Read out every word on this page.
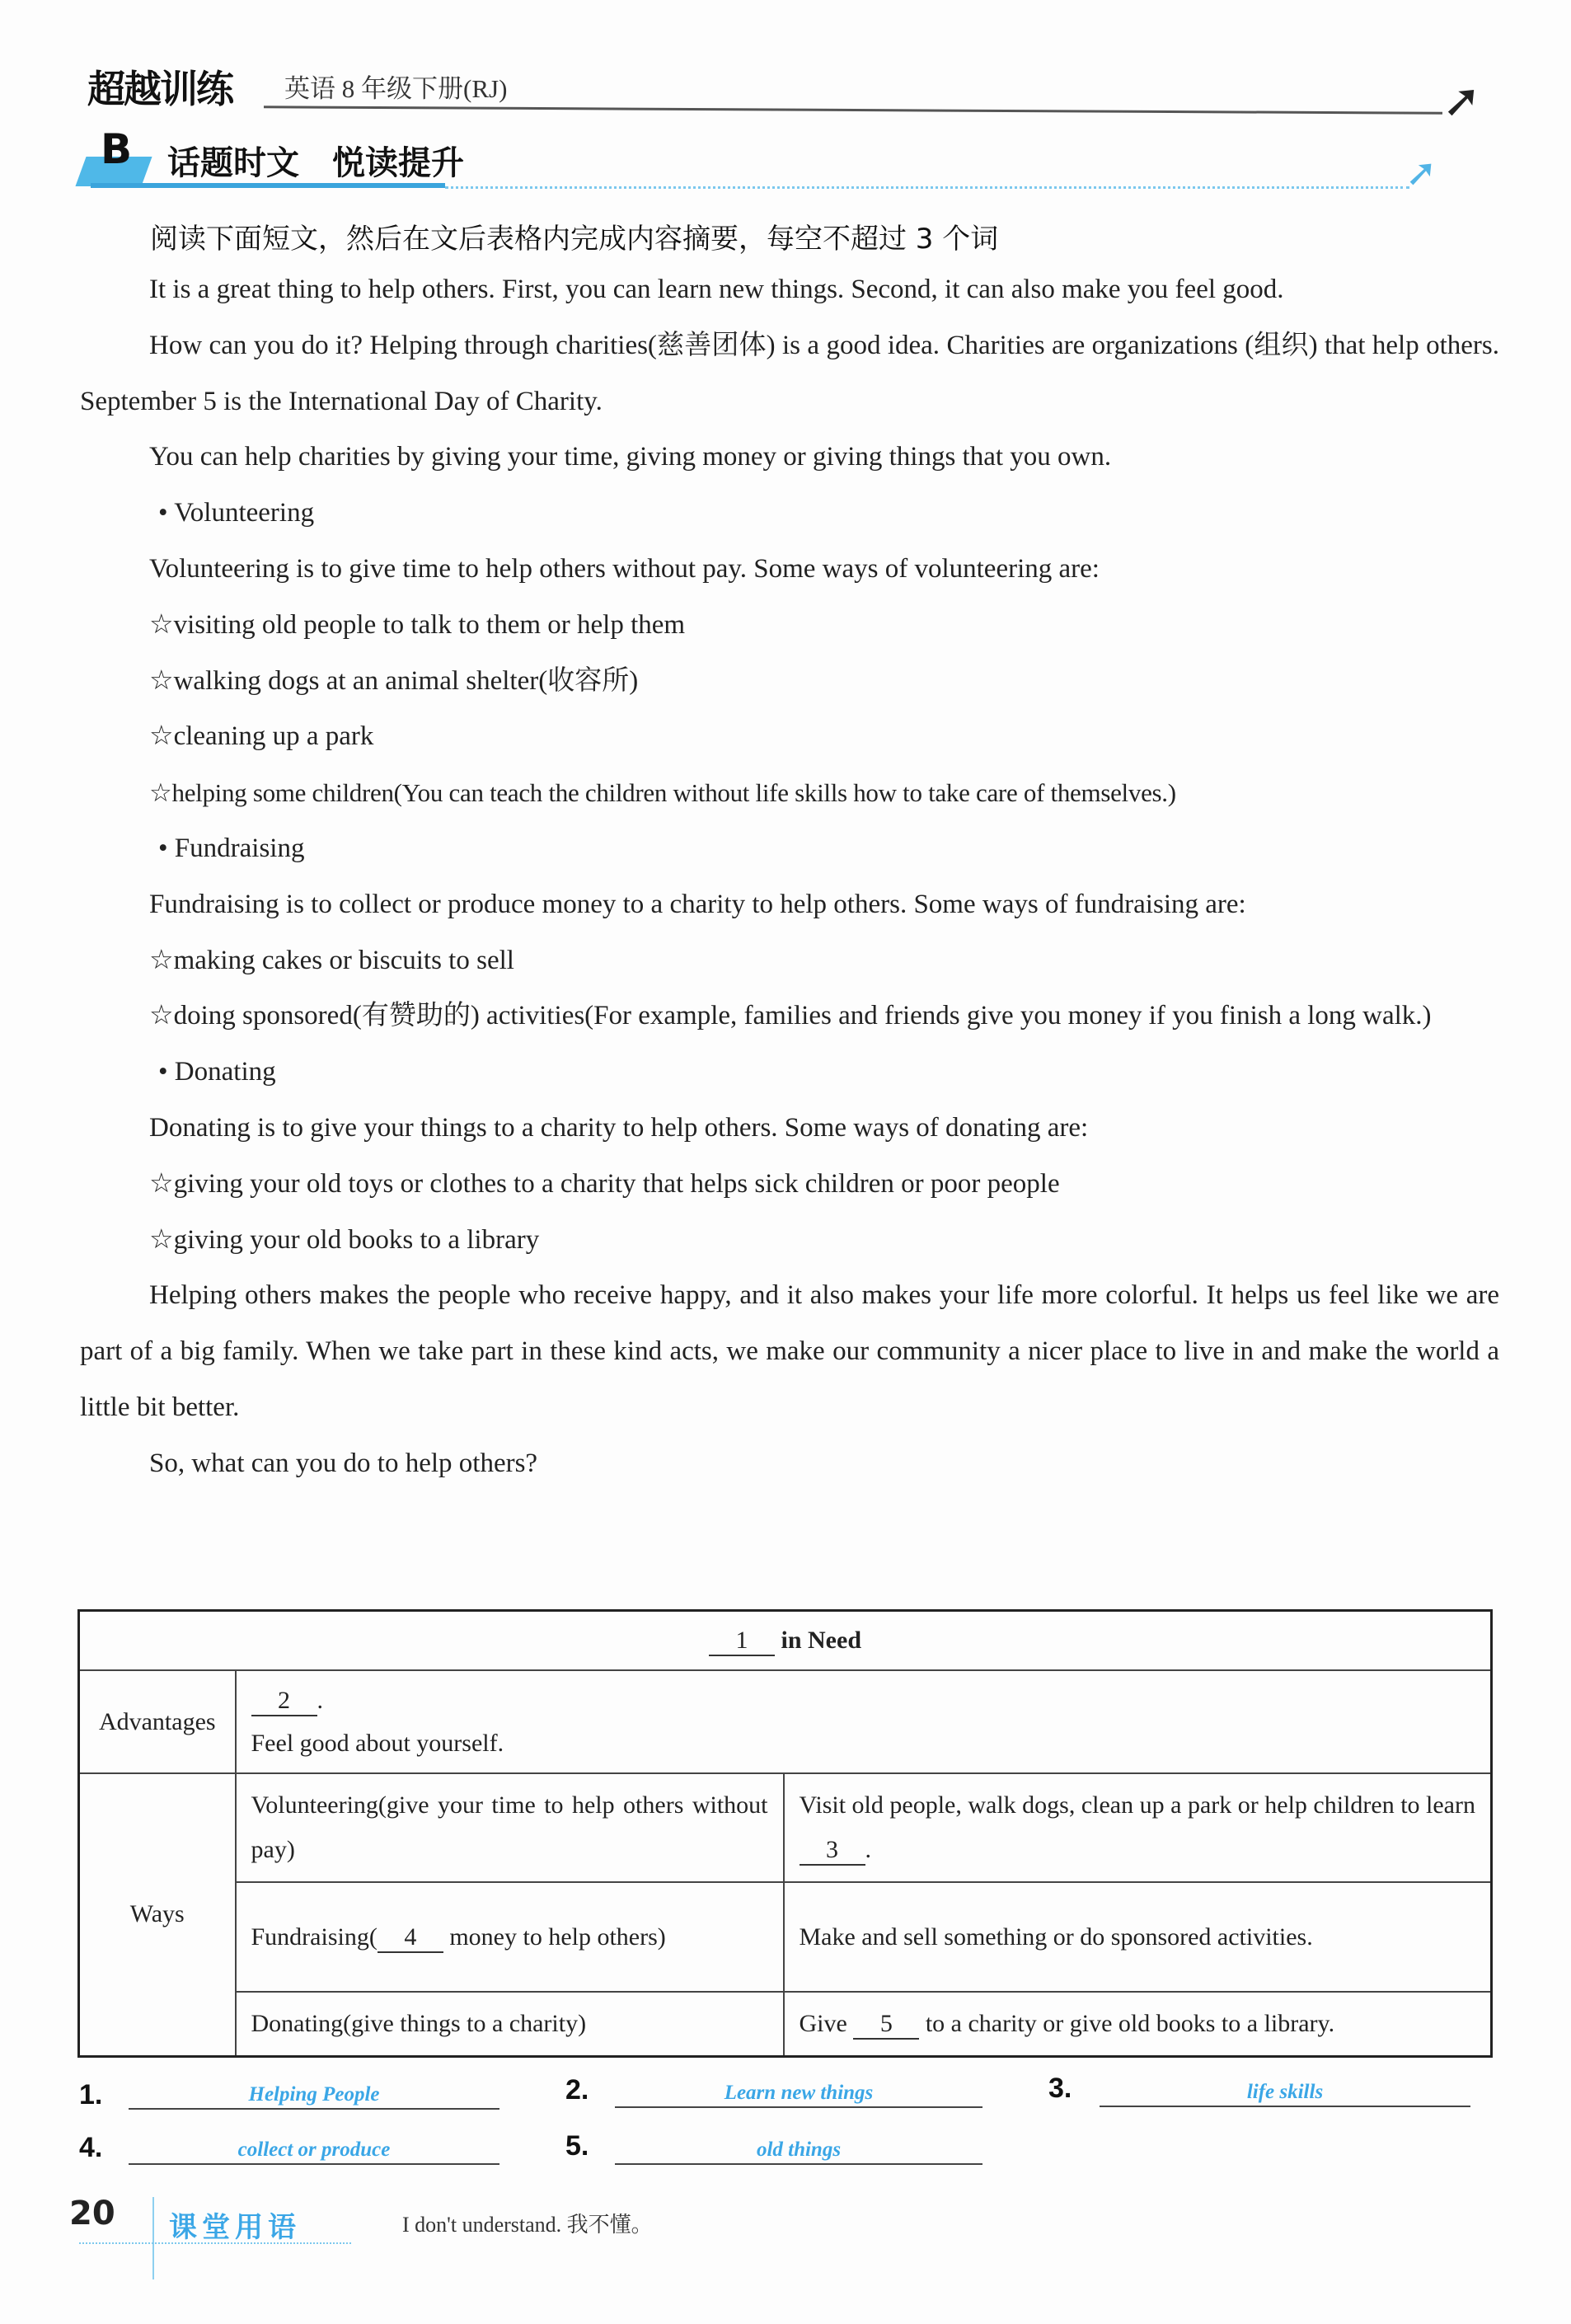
超越训练 英语 8 年级下册(RJ)	➚
B 话题时文　悦读提升	➚
阅读下面短文，然后在文后表格内完成内容摘要，每空不超过 3 个词

It is a great thing to help others. First, you can learn new things. Second, it can also make you feel good.

How can you do it? Helping through charities(慈善团体) is a good idea. Charities are organizations (组织) that help others. September 5 is the International Day of Charity.

You can help charities by giving your time, giving money or giving things that you own.

• Volunteering

Volunteering is to give time to help others without pay. Some ways of volunteering are:

☆visiting old people to talk to them or help them

☆walking dogs at an animal shelter(收容所)

☆cleaning up a park

☆helping some children(You can teach the children without life skills how to take care of themselves.)

• Fundraising

Fundraising is to collect or produce money to a charity to help others. Some ways of fundraising are:

☆making cakes or biscuits to sell

☆doing sponsored(有赞助的) activities(For example, families and friends give you money if you finish a long walk.)

• Donating

Donating is to give your things to a charity to help others. Some ways of donating are:

☆giving your old toys or clothes to a charity that helps sick children or poor people

☆giving your old books to a library

Helping others makes the people who receive happy, and it also makes your life more colorful. It helps us feel like we are part of a big family. When we take part in these kind acts, we make our community a nicer place to live in and make the world a little bit better.

So, what can you do to help others?

1 in Need		
Advantages	2 .
Feel good about yourself.	
Ways	Volunteering(give your time to help others without pay)	Visit old people, walk dogs, clean up a park or help children to learn 3 .
	Fundraising( 4 money to help others)	Make and sell something or do sponsored activities.
	Donating(give things to a charity)	Give 5 to a charity or give old books to a library.
1.	Helping People	2.	Learn new things	3.	life skills
4.	collect or produce	5.	old things
20 课堂用语	I don't understand. 我不懂。
